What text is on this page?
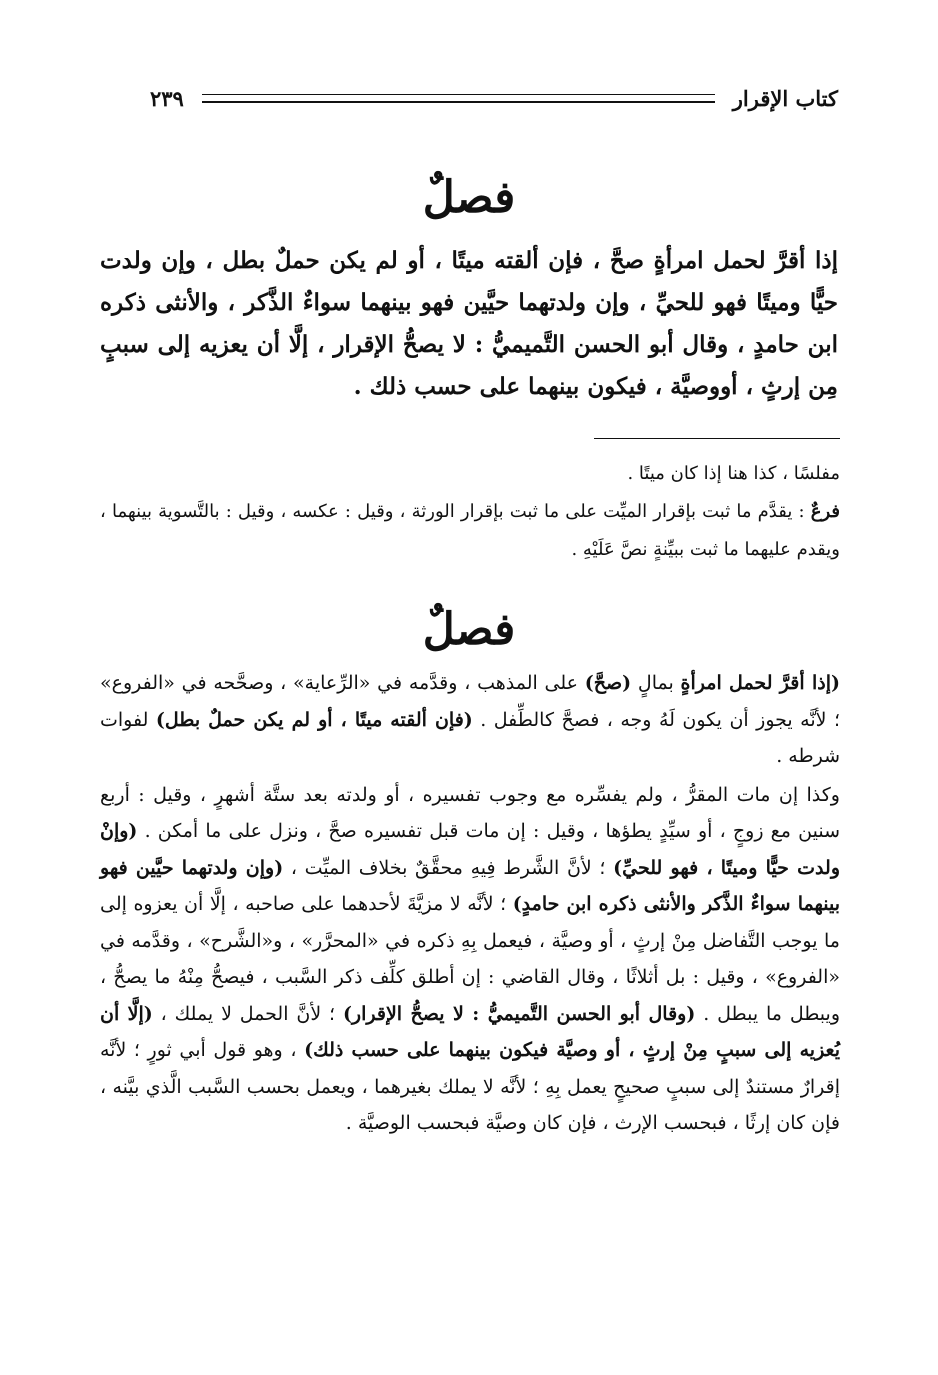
كتاب الإقرار
٢٣٩
فصلٌ
إذا أقرَّ لحمل امرأةٍ صحَّ ، فإن ألقته ميتًا ، أو لم يكن حملٌ بطل ، وإن ولدت حيًّا وميتًا فهو للحيِّ ، وإن ولدتهما حيَّين فهو بينهما سواءٌ الذَّكر ، والأنثى ذكره ابن حامدٍ ، وقال أبو الحسن التَّميميُّ : لا يصحُّ الإقرار ، إلَّا أن يعزيه إلى سببٍ مِن إرثٍ ، أووصيَّة ، فيكون بينهما على حسب ذلك .

مفلسًا ، كذا هنا إذا كان ميتًا .

فرعٌ : يقدَّم ما ثبت بإقرار الميِّت على ما ثبت بإقرار الورثة ، وقيل : عكسه ، وقيل : بالتَّسوية بينهما ، ويقدم عليهما ما ثبت ببيِّنةٍ نصَّ عَلَيْهِ .

فصلٌ

(إذا أقرَّ لحمل امرأةٍ بمالٍ (صحَّ) على المذهب ، وقدَّمه في «الرِّعاية» ، وصحَّحه في «الفروع» ؛ لأنَّه يجوز أن يكون لَهُ وجه ، فصحَّ كالطِّفل . (فإن ألقته ميتًا ، أو لم يكن حملٌ بطل) لفوات شرطه .

وكذا إن مات المقرُّ ، ولم يفسِّره مع وجوب تفسيره ، أو ولدته بعد ستَّة أشهرٍ ، وقيل : أربع سنين مع زوجٍ ، أو سيِّدٍ يطؤها ، وقيل : إن مات قبل تفسيره صحَّ ، ونزل على ما أمكن . (وإنْ ولدت حيًّا وميتًا ، فهو للحيِّ) ؛ لأنَّ الشَّرط فِيهِ محقَّقٌ بخلاف الميِّت ، (وإن ولدتهما حيَّين فهو بينهما سواءٌ الذَّكر والأنثى ذكره ابن حامدٍ) ؛ لأنَّه لا مزيَّةَ لأحدهما على صاحبه ، إلَّا أن يعزوه إلى ما يوجب التَّفاضل مِنْ إرثٍ ، أو وصيَّة ، فيعمل بِهِ ذكره في «المحرَّر» ، و«الشَّرح» ، وقدَّمه في «الفروع» ، وقيل : بل أثلاثًا ، وقال القاضي : إن أطلق كلِّف ذكر السَّبب ، فيصحُّ مِنْهُ ما يصحُّ ، ويبطل ما يبطل . (وقال أبو الحسن التَّميميُّ : لا يصحُّ الإقرار) ؛ لأنَّ الحمل لا يملك ، (إلَّا أن يُعزيه إلى سببٍ مِنْ إرثٍ ، أو وصيَّة فيكون بينهما على حسب ذلك) ، وهو قول أبي ثورٍ ؛ لأنَّه إقرارٌ مستندٌ إلى سببٍ صحيحٍ يعمل بِهِ ؛ لأنَّه لا يملك بغيرهما ، ويعمل بحسب السَّبب الَّذي بيَّنه ، فإن كان إرثًا ، فبحسب الإرث ، فإن كان وصيَّة فبحسب الوصيَّة .
